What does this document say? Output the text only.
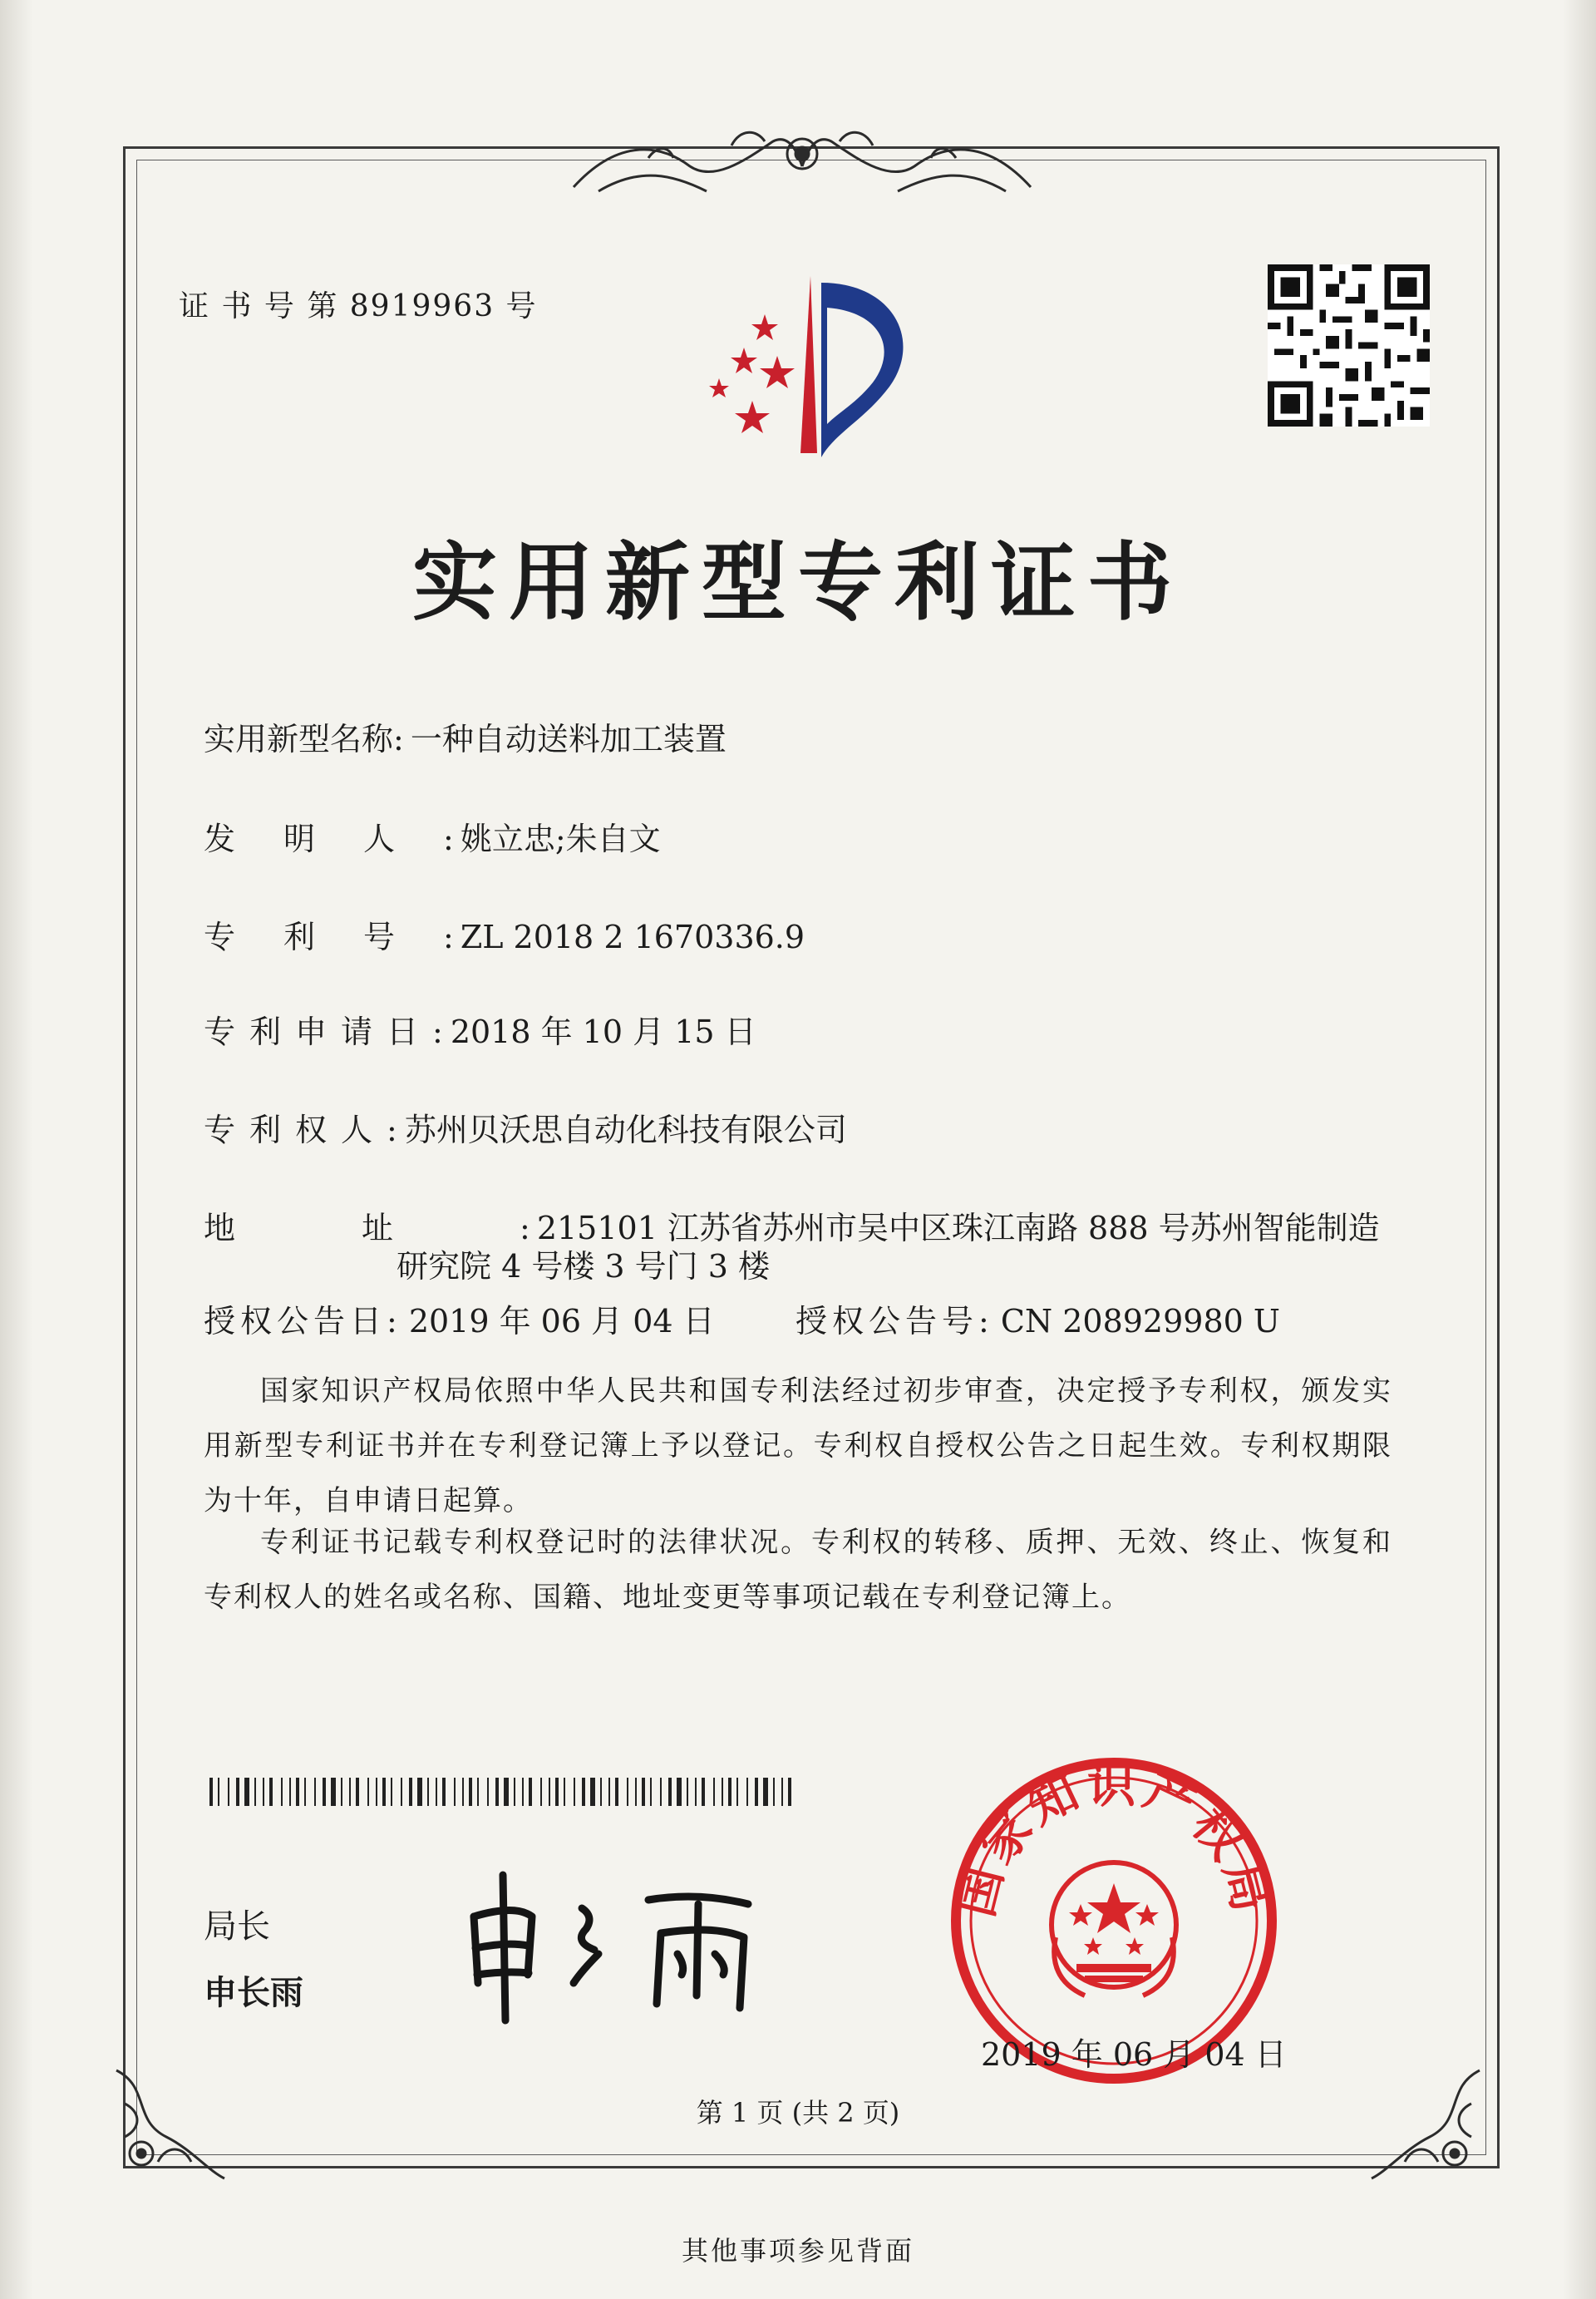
证 书 号 第 8919963 号
实用新型专利证书
实用新型名称: 一种自动送料加工装置
发明人:姚立忠;朱自文
专利号:ZL 2018 2 1670336.9
专利申请日:2018 年 10 月 15 日
专利权人:苏州贝沃思自动化科技有限公司
地址:215101 江苏省苏州市吴中区珠江南路 888 号苏州智能制造
研究院 4 号楼 3 号门 3 楼
授权公告日: 2019 年 06 月 04 日	授权公告号: CN 208929980 U
国家知识产权局依照中华人民共和国专利法经过初步审查，决定授予专利权，颁发实用新型专利证书并在专利登记簿上予以登记。专利权自授权公告之日起生效。专利权期限为十年，自申请日起算。
专利证书记载专利权登记时的法律状况。专利权的转移、质押、无效、终止、恢复和专利权人的姓名或名称、国籍、地址变更等事项记载在专利登记簿上。
局长
申长雨
国家知识产权局
2019 年 06 月 04 日
第 1 页 (共 2 页)
其他事项参见背面
